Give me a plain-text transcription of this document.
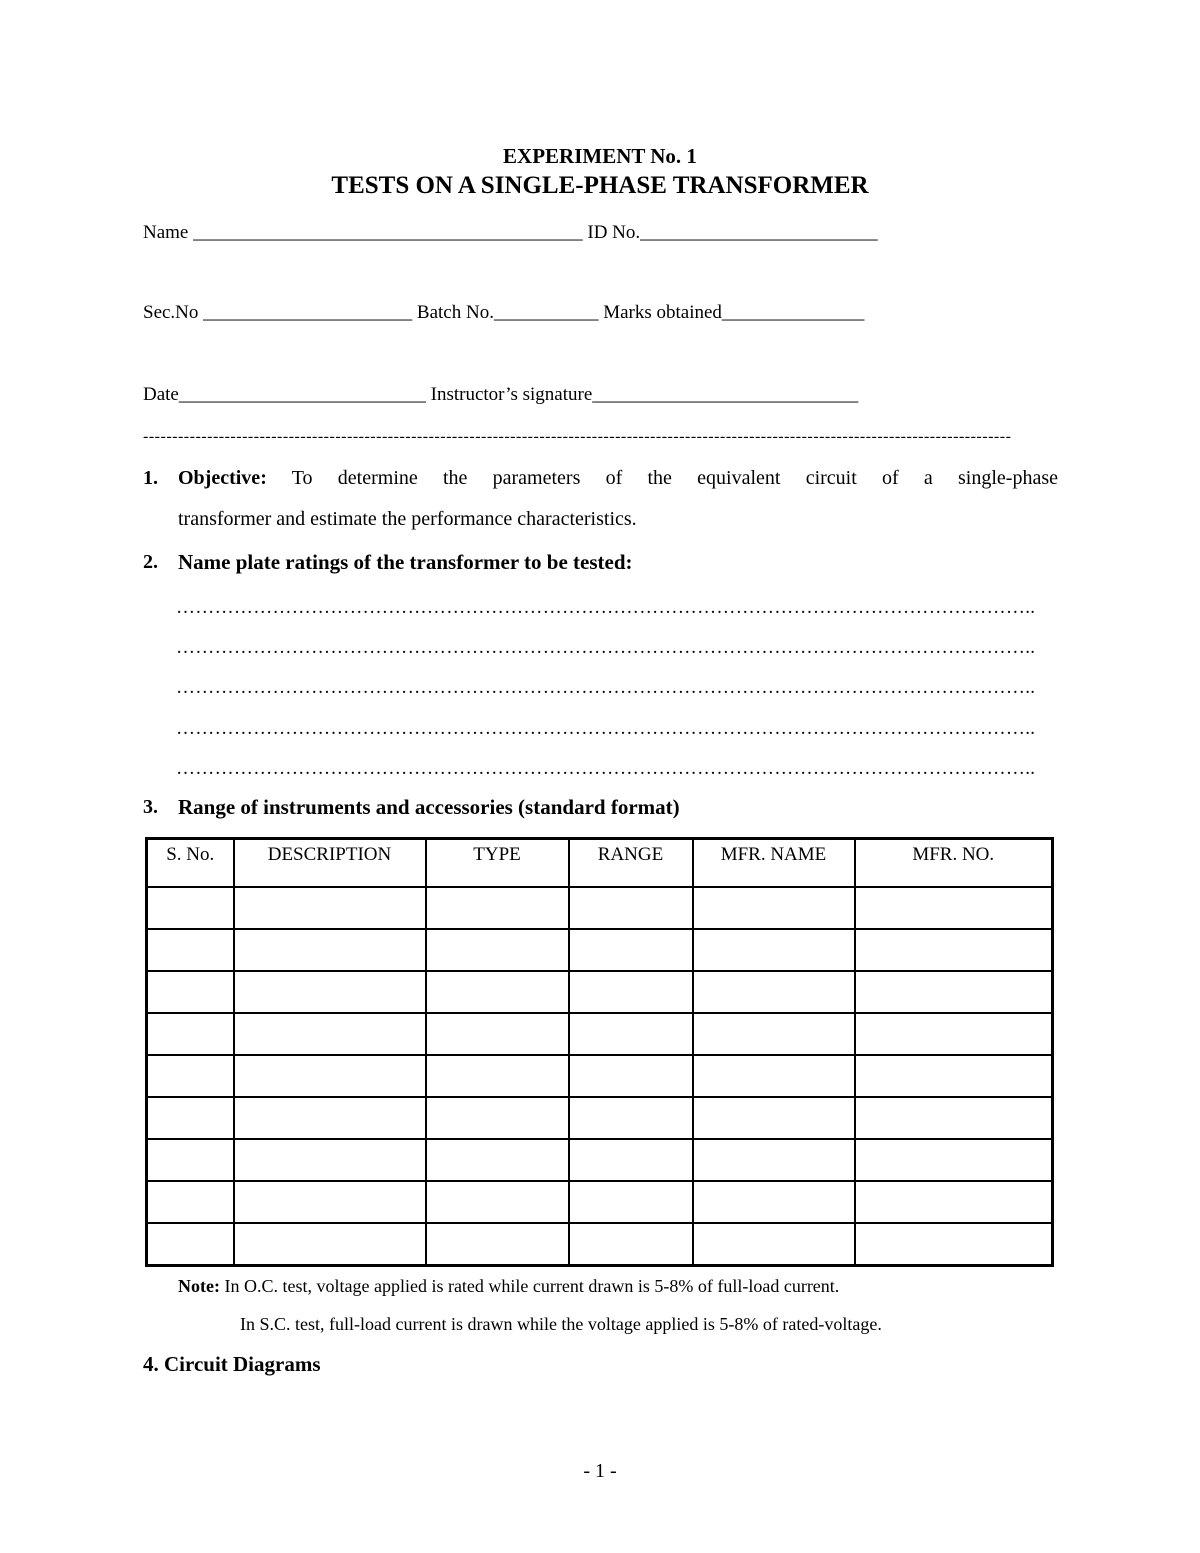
EXPERIMENT No. 1
TESTS ON A SINGLE-PHASE TRANSFORMER
Name _________________________________________ ID No._________________________
Sec.No ______________________ Batch No.___________ Marks obtained_______________
Date__________________________ Instructor’s signature____________________________
-----------------------------------------------------------------------------------------------------------------------------------------------------
1. Objective: To determine the parameters of the equivalent circuit of a single-phase
transformer and estimate the performance characteristics.
2. Name plate ratings of the transformer to be tested:
……………………………………………………………………………………………………………………..
……………………………………………………………………………………………………………………..
……………………………………………………………………………………………………………………..
……………………………………………………………………………………………………………………..
……………………………………………………………………………………………………………………..
3. Range of instruments and accessories (standard format)
S. No.	DESCRIPTION	TYPE	RANGE	MFR. NAME	MFR. NO.

Note: In O.C. test, voltage applied is rated while current drawn is 5-8% of full-load current.
In S.C. test, full-load current is drawn while the voltage applied is 5-8% of rated-voltage.
4. Circuit Diagrams
- 1 -
